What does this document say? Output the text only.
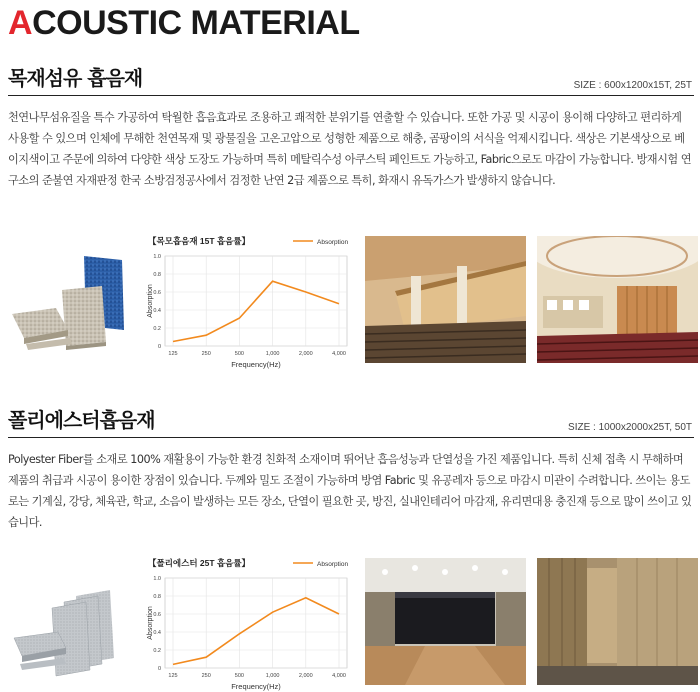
ACOUSTIC MATERIAL
목재섬유 흡음재	SIZE : 600x1200x15T, 25T
천연나무섬유질을 특수 가공하여 탁월한 흡음효과로 조용하고 쾌적한 분위기를 연출할 수 있습니다. 또한 가공 및 시공이 용이해 다양하고 편리하게 사용할 수 있으며 인체에 무해한 천연목재 및 광물질을 고온고압으로 성형한 제품으로 해충, 곰팡이의 서식을 억제시킵니다. 색상은 기본색상으로 베이지색이고 주문에 의하여 다양한 색상 도장도 가능하며 특히 메탈릭수성 아쿠스틱 페인트도 가능하고, Fabric으로도 마감이 가능합니다. 방재시험 연구소의 준불연 자재판정 한국 소방검정공사에서 검정한 난연 2급 제품으로 특히, 화재시 유독가스가 발생하지 않습니다.
【목모흡음재 15T 흡음률】	Absorption
0
0.2
0.4
0.6
0.8
1.0
125	250	500	1,000	2,000	4,000
Frequency(Hz)
Absorption
폴리에스터흡음재	SIZE : 1000x2000x25T, 50T
Polyester Fiber를 소재로 100% 재활용이 가능한 환경 친화적 소재이며 뛰어난 흡음성능과 단열성을 가진 제품입니다. 특히 신체 접촉 시 무해하며 제품의 취급과 시공이 용이한 장점이 있습니다. 두께와 밀도 조절이 가능하며 방염 Fabric 및 유공레자 등으로 마감시 미관이 수려합니다. 쓰이는 용도로는 기계실, 강당, 체육관, 학교, 소음이 발생하는 모든 장소, 단열이 필요한 곳, 방진, 실내인테리어 마감재, 유리면대용 충진재 등으로 많이 쓰이고 있습니다.
【폴리에스터 25T 흡음률】	Absorption
0
0.2
0.4
0.6
0.8
1.0
125	250	500	1,000	2,000	4,000
Frequency(Hz)
Absorption
